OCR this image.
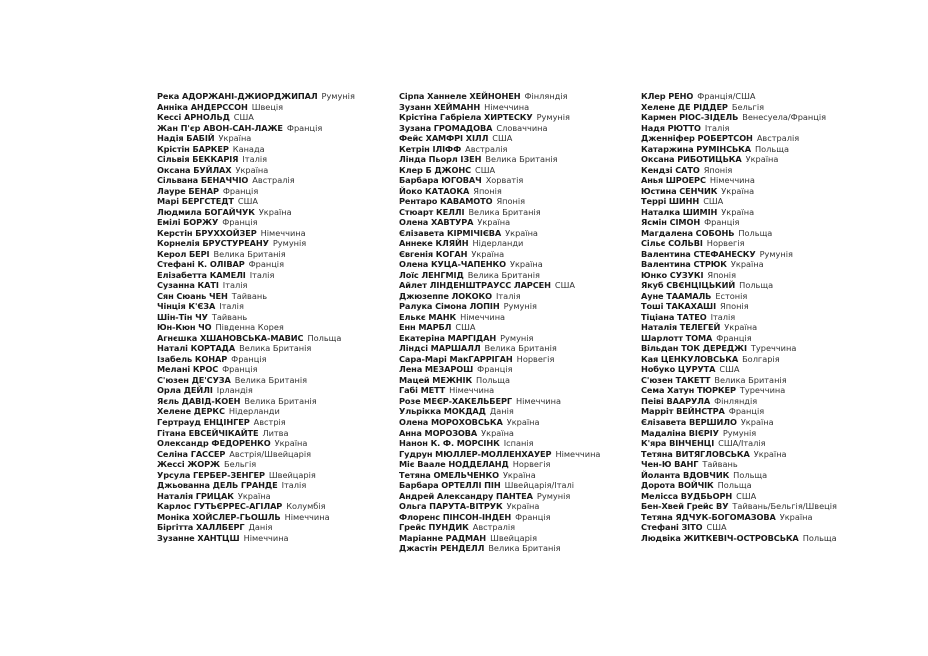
Река АДОРЖАНІ-ДЖИОРДЖИПАЛ Румунія
Анніка АНДЕРССОН Швеція
Кессі АРНОЛЬД США
Жан П'єр АВОН-САН-ЛАЖЕ Франція
Надія БАБІЙ Україна
Крістін БАРКЕР Канада
Сільвія БЕККАРІЯ Італія
Оксана БУЙЛАХ Україна
Сільвана БЕНАЧЧІО Австралія
Лауре БЕНАР Франція
Марі БЕРГСТЕДТ США
Людмила БОГАЙЧУК Україна
Емілі БОРЖУ Франція
Керстін БРУХХОЙЗЕР Німеччина
Корнелія БРУСТУРЕАНУ Румунія
Керол БЕРІ Велика Британія
Стефані К. ОЛІВАР Франція
Елізабетта КАМЕЛІ Італія
Сузанна КАТІ Італія
Сян Сюань ЧЕН Тайвань
Чінція К'ЄЗА Італія
Шін-Тін ЧУ Тайвань
Юн-Кюн ЧО Південна Корея
Агнєшка ХШАНОВСЬКА-МАВИС Польща
Наталі КОРТАДА Велика Британія
Ізабель КОНАР Франція
Мелані КРОС Франція
С'юзен ДЕ'СУЗА Велика Британія
Орла ДЕЙЛІ Ірландія
Яєль ДАВІД-КОЕН Велика Британія
Хелене ДЕРКС Нідерланди
Гертрауд ЕНЦІНГЕР Австрія
Гітана ЕВСЕЙЧІКАЙТЕ Литва
Олександр ФЕДОРЕНКО Україна
Селіна ГАССЕР Австрія/Швейцарія
Жессі ЖОРЖ Бельгія
Урсула ГЕРБЕР-ЗЕНГЕР Швейцарія
Джьованна ДЕЛЬ ГРАНДЕ Італія
Наталія ГРИЦАК Україна
Карлос ГУТЬЄРРЕС-АГІЛАР Колумбія
Моніка ХОЙСЛЕР-ГЬОШЛЬ Німеччина
Біргітта ХАЛЛБЕРГ Данія
Зузанне ХАНТЦШ Німеччина
Сірпа Ханнеле ХЕЙНОНЕН Фінляндія
Зузанн ХЕЙМАНН Німеччина
Крістіна Габріела ХИРТЕСКУ Румунія
Зузана ГРОМАДОВА Словаччина
Фейс ХАМФРІ ХІЛЛ США
Кетрін ІЛІФФ Австралія
Лінда Пьорл ІЗЕН Велика Британія
Клер Б ДЖОНС США
Барбара ЮГОВАЧ Хорватія
Йоко КАТАОКА Японія
Рентаро КАВАМОТО Японія
Стюарт КЕЛЛІ Велика Британія
Олена ХАВТУРА Україна
Єлізавета КІРМІЧІЄВА Україна
Аннеке КЛЯЙН Нідерланди
Євгенія КОГАН Україна
Олена КУЦА-ЧАПЕНКО Україна
Лоїс ЛЕНГМІД Велика Британія
Айлет ЛІНДЕНШТРАУСС ЛАРСЕН США
Джюзеппе ЛОКОКО Італія
Ралука Сімона ЛОПІН Румунія
Елькє МАНК Німеччина
Енн МАРБЛ США
Екатеріна МАРГІДАН Румунія
Ліндсі МАРШАЛЛ Велика Британія
Сара-Марі МакГАРРІГАН Норвегія
Лена МЕЗАРОШ Франція
Мацей МЕЖНІК Польща
Габі МЕТТ Німеччина
Розе МЕЄР-ХАКЕЛЬБЕРГ Німеччина
Ульрікка МОКДАД Данія
Олена МОРОХОВСЬКА Україна
Анна МОРОЗОВА Україна
Нанон К. Ф. МОРСІНК Іспанія
Гудрун МЮЛЛЕР-МОЛЛЕНХАУЕР Німеччина
Міє Ваале НОДДЕЛАНД Норвегія
Тетяна ОМЕЛЬЧЕНКО Україна
Барбара ОРТЕЛЛІ ПІН Швейцарія/Італі
Андрей Александру ПАНТЕА Румунія
Ольга ПАРУТА-ВІТРУК Україна
Флоренс ПІНСОН-ІНДЕН Франція
Грейс ПУНДИК Австралія
Маріанне РАДМАН Швейцарія
Джастін РЕНДЕЛЛ Велика Британія
КЛер РЕНО Франція/США
Хелене ДЕ РІДДЕР Бельгія
Кармен РІОС-ЗІДЕЛЬ Венесуела/Франція
Надя РЮТТО Італія
Дженніфер РОБЕРТСОН Австралія
Катаржина РУМІНСЬКА Польща
Оксана РИБОТИЦЬКА Україна
Кендзі САТО Японія
Анья ШРОЕРС Німеччина
Юстина СЕНЧИК Україна
Террі ШИНН США
Наталка ШИМІН Україна
Ясмін СІМОН Франція
Магдалена СОБОНЬ Польща
Сільє СОЛЬВІ Норвегія
Валентина СТЕФАНЕСКУ Румунія
Валентина СТРЮК Україна
Юнко СУЗУКІ Японія
Якуб СВЄНЦІЦЬКИЙ Польща
Ауне ТААМАЛЬ Естонія
Тоші ТАКАХАШІ Японія
Тіціана ТАТЕО Італія
Наталія ТЕЛЕГЕЙ Україна
Шарлотт ТОМА Франція
Вільдан ТОК ДЕРЕДЖІ Туреччина
Кая ЦЕНКУЛОВСЬКА Болгарія
Нобуко ЦУРУТА США
С'юзен ТАКЕТТ Велика Британія
Сема Хатун ТЮРКЕР Туреччина
Пеіві ВААРУЛА Фінляндія
Марріт ВЕЙНСТРА Франція
Єлізавета ВЕРШИЛО Україна
Мадаліна ВІЄРІУ Румунія
К'яра ВІНЧЕНЦІ США/Італія
Тетяна ВИТЯГЛОВСЬКА Україна
Чен-Ю ВАНГ Тайвань
Йоланта ВДОВЧИК Польща
Дорота ВОЙЧІК Польща
Мелісса ВУДБЬОРН США
Бен-Хвей Грейс ВУ Тайвань/Бельгія/Швеція
Тетяна ЯДЧУК-БОГОМАЗОВА Україна
Стефані ЗІТО США
Людвіка ЖИТКЕВІЧ-ОСТРОВСЬКА Польща
